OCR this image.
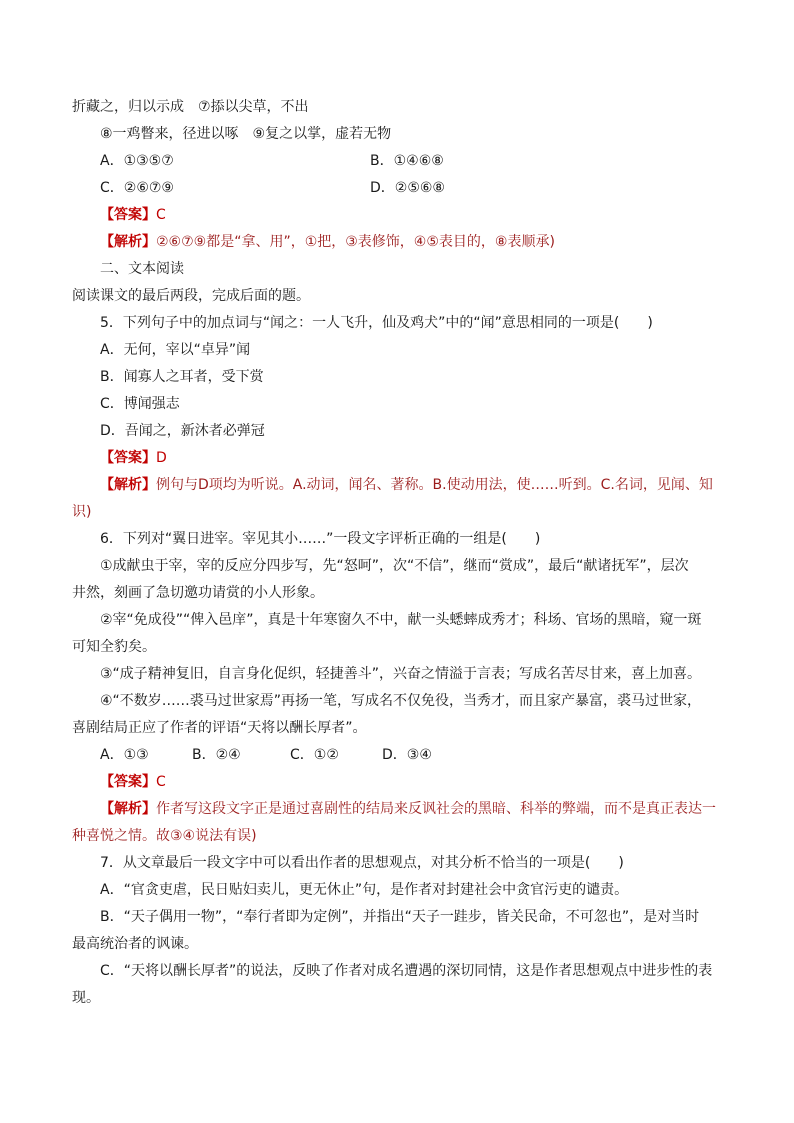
折藏之，归以示成　⑦掭以尖草，不出
⑧一鸡瞥来，径进以啄　⑨复之以掌，虚若无物
A．①③⑤⑦	B．①④⑥⑧
C．②⑥⑦⑨	D．②⑤⑥⑧
【答案】C
【解析】②⑥⑦⑨都是“拿、用”，①把，③表修饰，④⑤表目的，⑧表顺承)
二、文本阅读
阅读课文的最后两段，完成后面的题。
5．下列句子中的加点词与“闻之：一人飞升，仙及鸡犬”中的“闻”意思相同的一项是(　　)
A．无何，宰以“卓异”闻
B．闻寡人之耳者，受下赏
C．博闻强志
D．吾闻之，新沐者必弹冠
【答案】D
【解析】例句与D项均为听说。A.动词，闻名、著称。B.使动用法，使……听到。C.名词，见闻、知
识)
6．下列对“翼日进宰。宰见其小……”一段文字评析正确的一组是(　　)
①成献虫于宰，宰的反应分四步写，先“怒呵”，次“不信”，继而“赏成”，最后“献诸抚军”，层次
井然，刻画了急切邀功请赏的小人形象。
②宰“免成役”“俾入邑庠”，真是十年寒窗久不中，献一头蟋蟀成秀才；科场、官场的黑暗，窥一斑
可知全豹矣。
③“成子精神复旧，自言身化促织，轻捷善斗”，兴奋之情溢于言表；写成名苦尽甘来，喜上加喜。
④“不数岁……裘马过世家焉”再扬一笔，写成名不仅免役，当秀才，而且家产暴富，裘马过世家，
喜剧结局正应了作者的评语“天将以酬长厚者”。
A．①③	B．②④	C．①②	D．③④
【答案】C
【解析】作者写这段文字正是通过喜剧性的结局来反讽社会的黑暗、科举的弊端，而不是真正表达一
种喜悦之情。故③④说法有误)
7．从文章最后一段文字中可以看出作者的思想观点，对其分析不恰当的一项是(　　)
A．“官贪吏虐，民日贴妇卖儿，更无休止”句，是作者对封建社会中贪官污吏的谴责。
B．“天子偶用一物”，“奉行者即为定例”，并指出“天子一跬步，皆关民命，不可忽也”，是对当时
最高统治者的讽谏。
C．“天将以酬长厚者”的说法，反映了作者对成名遭遇的深切同情，这是作者思想观点中进步性的表
现。
